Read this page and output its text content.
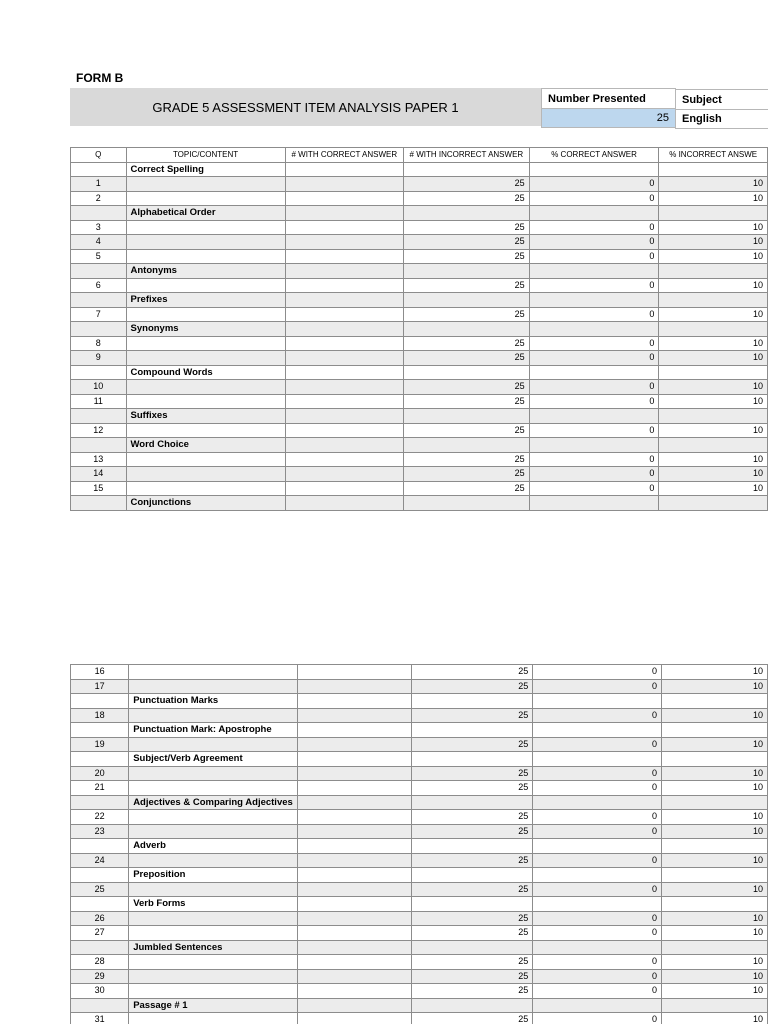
FORM B
GRADE 5 ASSESSMENT ITEM ANALYSIS PAPER 1
Number Presented
25
Subject
English
Q	TOPIC/CONTENT	# WITH CORRECT ANSWER	# WITH INCORRECT ANSWER	% CORRECT ANSWER	% INCORRECT ANSWE
	Correct Spelling				
1			25	0	10
2			25	0	10
	Alphabetical Order				
3			25	0	10
4			25	0	10
5			25	0	10
	Antonyms				
6			25	0	10
	Prefixes				
7			25	0	10
	Synonyms				
8			25	0	10
9			25	0	10
	Compound Words				
10			25	0	10
11			25	0	10
	Suffixes				
12			25	0	10
	Word Choice				
13			25	0	10
14			25	0	10
15			25	0	10
	Conjunctions				
16			25	0	10
17			25	0	10
	Punctuation Marks				
18			25	0	10
	Punctuation Mark: Apostrophe				
19			25	0	10
	Subject/Verb Agreement				
20			25	0	10
21			25	0	10
	Adjectives & Comparing Adjectives				
22			25	0	10
23			25	0	10
	Adverb				
24			25	0	10
	Preposition				
25			25	0	10
	Verb Forms				
26			25	0	10
27			25	0	10
	Jumbled Sentences				
28			25	0	10
29			25	0	10
30			25	0	10
	Passage # 1				
31			25	0	10
